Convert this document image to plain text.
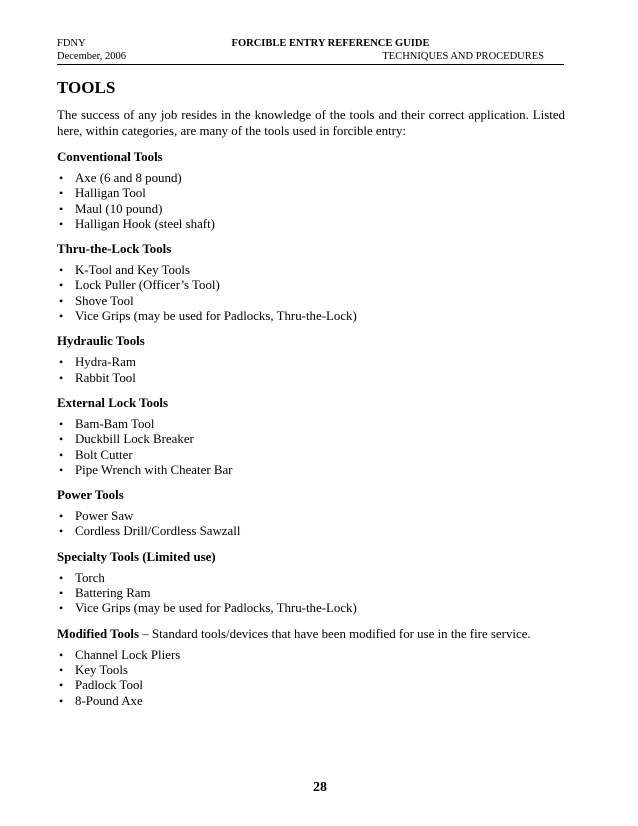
FDNY	FORCIBLE ENTRY REFERENCE GUIDE
December, 2006	TECHNIQUES AND PROCEDURES
TOOLS

The success of any job resides in the knowledge of the tools and their correct application. Listed here, within categories, are many of the tools used in forcible entry:

Conventional Tools
• Axe (6 and 8 pound)
• Halligan Tool
• Maul (10 pound)
• Halligan Hook (steel shaft)
Thru-the-Lock Tools
• K-Tool and Key Tools
• Lock Puller (Officer’s Tool)
• Shove Tool
• Vice Grips (may be used for Padlocks, Thru-the-Lock)
Hydraulic Tools
• Hydra-Ram
• Rabbit Tool
External Lock Tools
• Bam-Bam Tool
• Duckbill Lock Breaker
• Bolt Cutter
• Pipe Wrench with Cheater Bar
Power Tools
• Power Saw
• Cordless Drill/Cordless Sawzall
Specialty Tools (Limited use)
• Torch
• Battering Ram
• Vice Grips (may be used for Padlocks, Thru-the-Lock)
Modified Tools – Standard tools/devices that have been modified for use in the fire service.
• Channel Lock Pliers
• Key Tools
• Padlock Tool
• 8-Pound Axe
28
